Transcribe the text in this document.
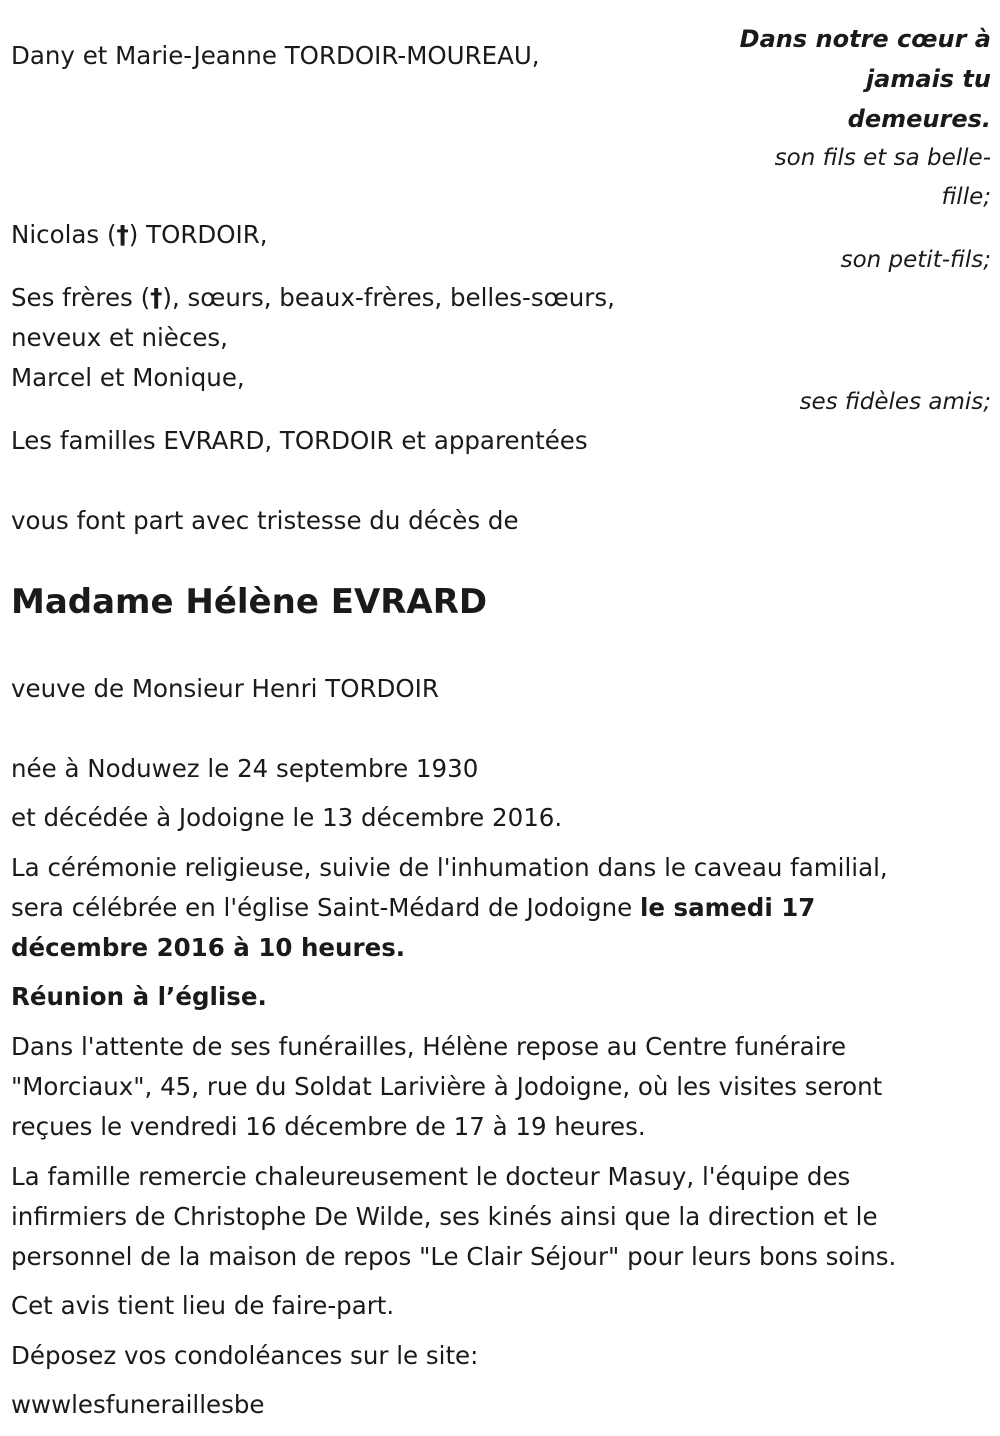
Dans notre cœur à
jamais tu
demeures.
Dany et Marie-Jeanne TORDOIR-MOUREAU,
son fils et sa belle-
fille;
Nicolas (†) TORDOIR,
son petit-fils;
Ses frères (†), sœurs, beaux-frères, belles-sœurs,
neveux et nièces,
Marcel et Monique,
ses fidèles amis;
Les familles EVRARD, TORDOIR et apparentées
vous font part avec tristesse du décès de
Madame Hélène EVRARD
veuve de Monsieur Henri TORDOIR
née à Noduwez le 24 septembre 1930
et décédée à Jodoigne le 13 décembre 2016.
La cérémonie religieuse, suivie de l'inhumation dans le caveau familial,
sera célébrée en l'église Saint-Médard de Jodoigne le samedi 17
décembre 2016 à 10 heures.
Réunion à l’église.
Dans l'attente de ses funérailles, Hélène repose au Centre funéraire
"Morciaux", 45, rue du Soldat Larivière à Jodoigne, où les visites seront
reçues le vendredi 16 décembre de 17 à 19 heures.
La famille remercie chaleureusement le docteur Masuy, l'équipe des
infirmiers de Christophe De Wilde, ses kinés ainsi que la direction et le
personnel de la maison de repos "Le Clair Séjour" pour leurs bons soins.
Cet avis tient lieu de faire-part.
Déposez vos condoléances sur le site:
wwwlesfuneraillesbe
